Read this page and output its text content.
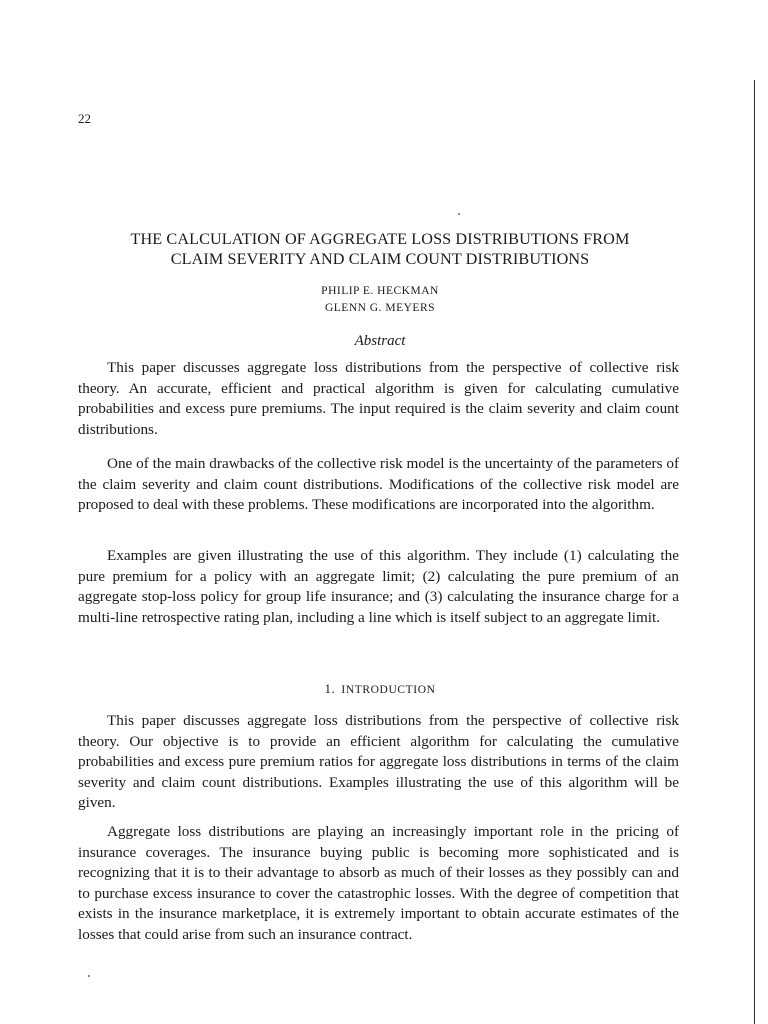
22
THE CALCULATION OF AGGREGATE LOSS DISTRIBUTIONS FROM
CLAIM SEVERITY AND CLAIM COUNT DISTRIBUTIONS
PHILIP E. HECKMAN
GLENN G. MEYERS
Abstract

This paper discusses aggregate loss distributions from the perspective of collective risk theory. An accurate, efficient and practical algorithm is given for calculating cumulative probabilities and excess pure premiums. The input required is the claim severity and claim count distributions.

One of the main drawbacks of the collective risk model is the uncertainty of the parameters of the claim severity and claim count distributions. Modifications of the collective risk model are proposed to deal with these problems. These modifications are incorporated into the algorithm.

Examples are given illustrating the use of this algorithm. They include (1) calculating the pure premium for a policy with an aggregate limit; (2) calculating the pure premium of an aggregate stop-loss policy for group life insurance; and (3) calculating the insurance charge for a multi-line retrospective rating plan, including a line which is itself subject to an aggregate limit.

1. INTRODUCTION

This paper discusses aggregate loss distributions from the perspective of collective risk theory. Our objective is to provide an efficient algorithm for calculating the cumulative probabilities and excess pure premium ratios for aggregate loss distributions in terms of the claim severity and claim count distributions. Examples illustrating the use of this algorithm will be given.

Aggregate loss distributions are playing an increasingly important role in the pricing of insurance coverages. The insurance buying public is becoming more sophisticated and is recognizing that it is to their advantage to absorb as much of their losses as they possibly can and to purchase excess insurance to cover the catastrophic losses. With the degree of competition that exists in the insurance marketplace, it is extremely important to obtain accurate estimates of the losses that could arise from such an insurance contract.
